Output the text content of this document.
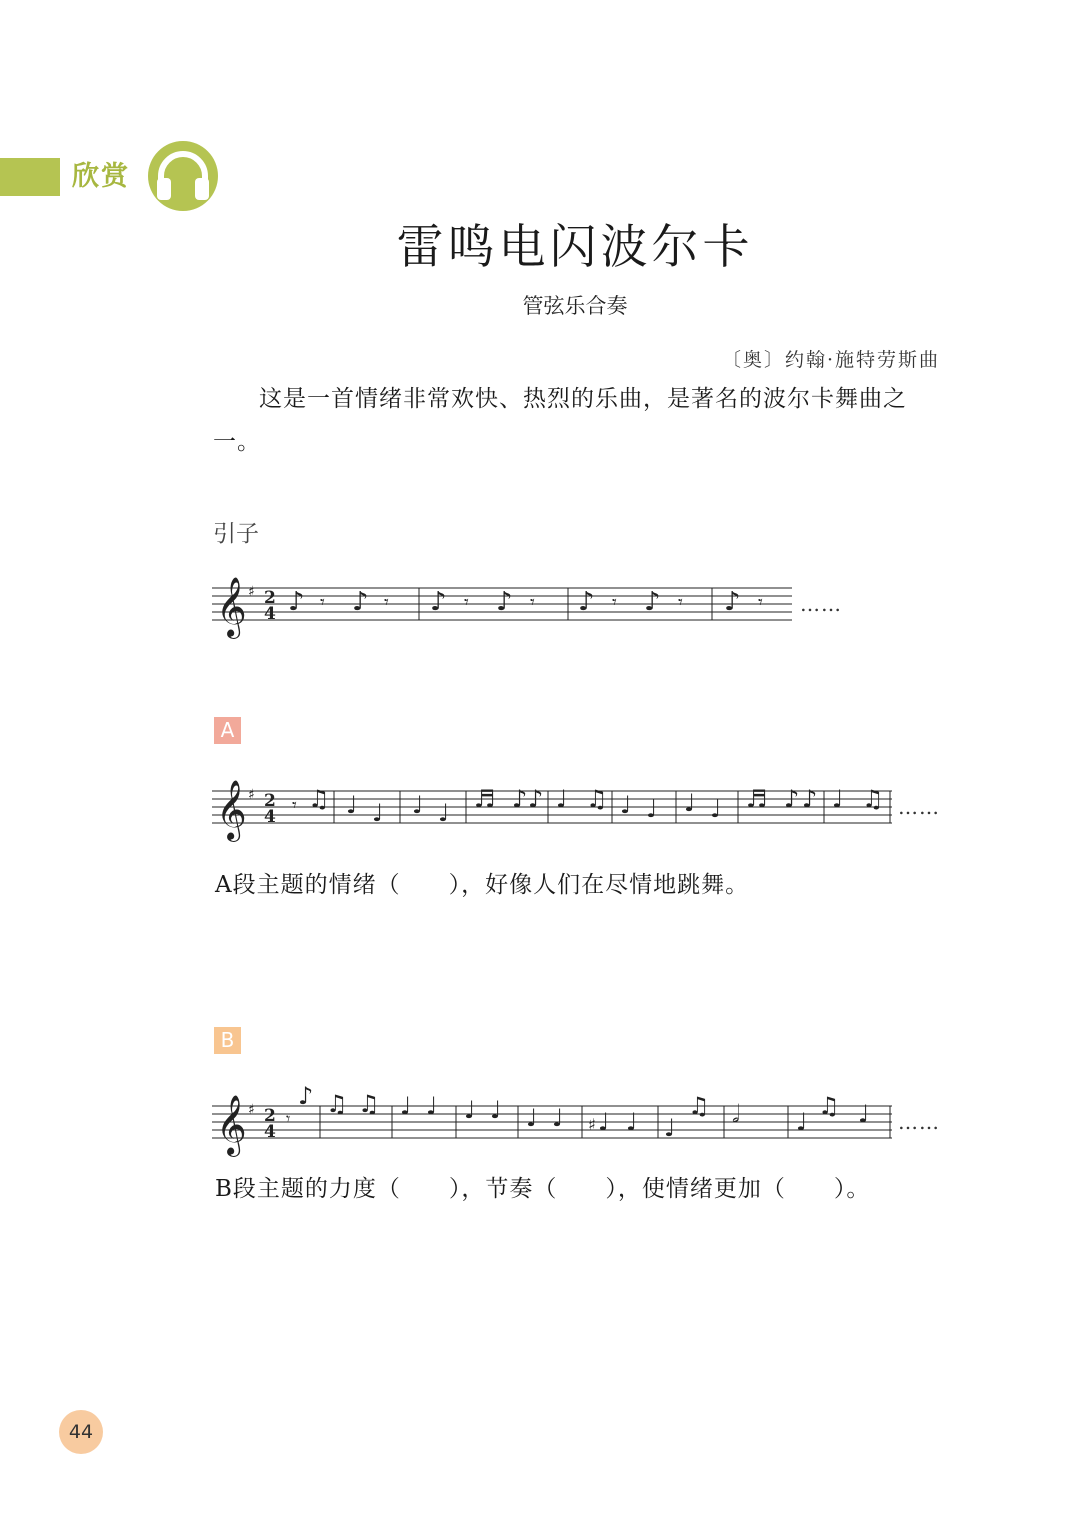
欣赏
雷鸣电闪波尔卡
管弦乐合奏
〔奥〕约翰·施特劳斯曲
这是一首情绪非常欢快、热烈的乐曲，是著名的波尔卡舞曲之一。
引子
𝄞 ♯ 2
4 ♪ 𝄾 ♪ 𝄾 ♪ 𝄾 ♪ 𝄾 ♪ 𝄾 ♪ 𝄾 ♪ 𝄾 ……
A
𝄞 ♯ 2
4
𝄾 ♫ ♩ ♩ ♩ ♩ ♬ ♪ ♪ ♩ ♫ ♩ ♩ ♩ ♩ ♬ ♪ ♪ ♩ ♫ ……
A段主题的情绪（　　），好像人们在尽情地跳舞。
B
𝄞 ♯ 2
4
𝄾
♪ ♫ ♫ ♩ ♩ ♩ ♩ ♩ ♩ ♯ ♩ ♩ ♩
♫ 𝅗𝅥 ♩
♫ ♩ ……
B段主题的力度（　　），节奏（　　），使情绪更加（　　）。
44
